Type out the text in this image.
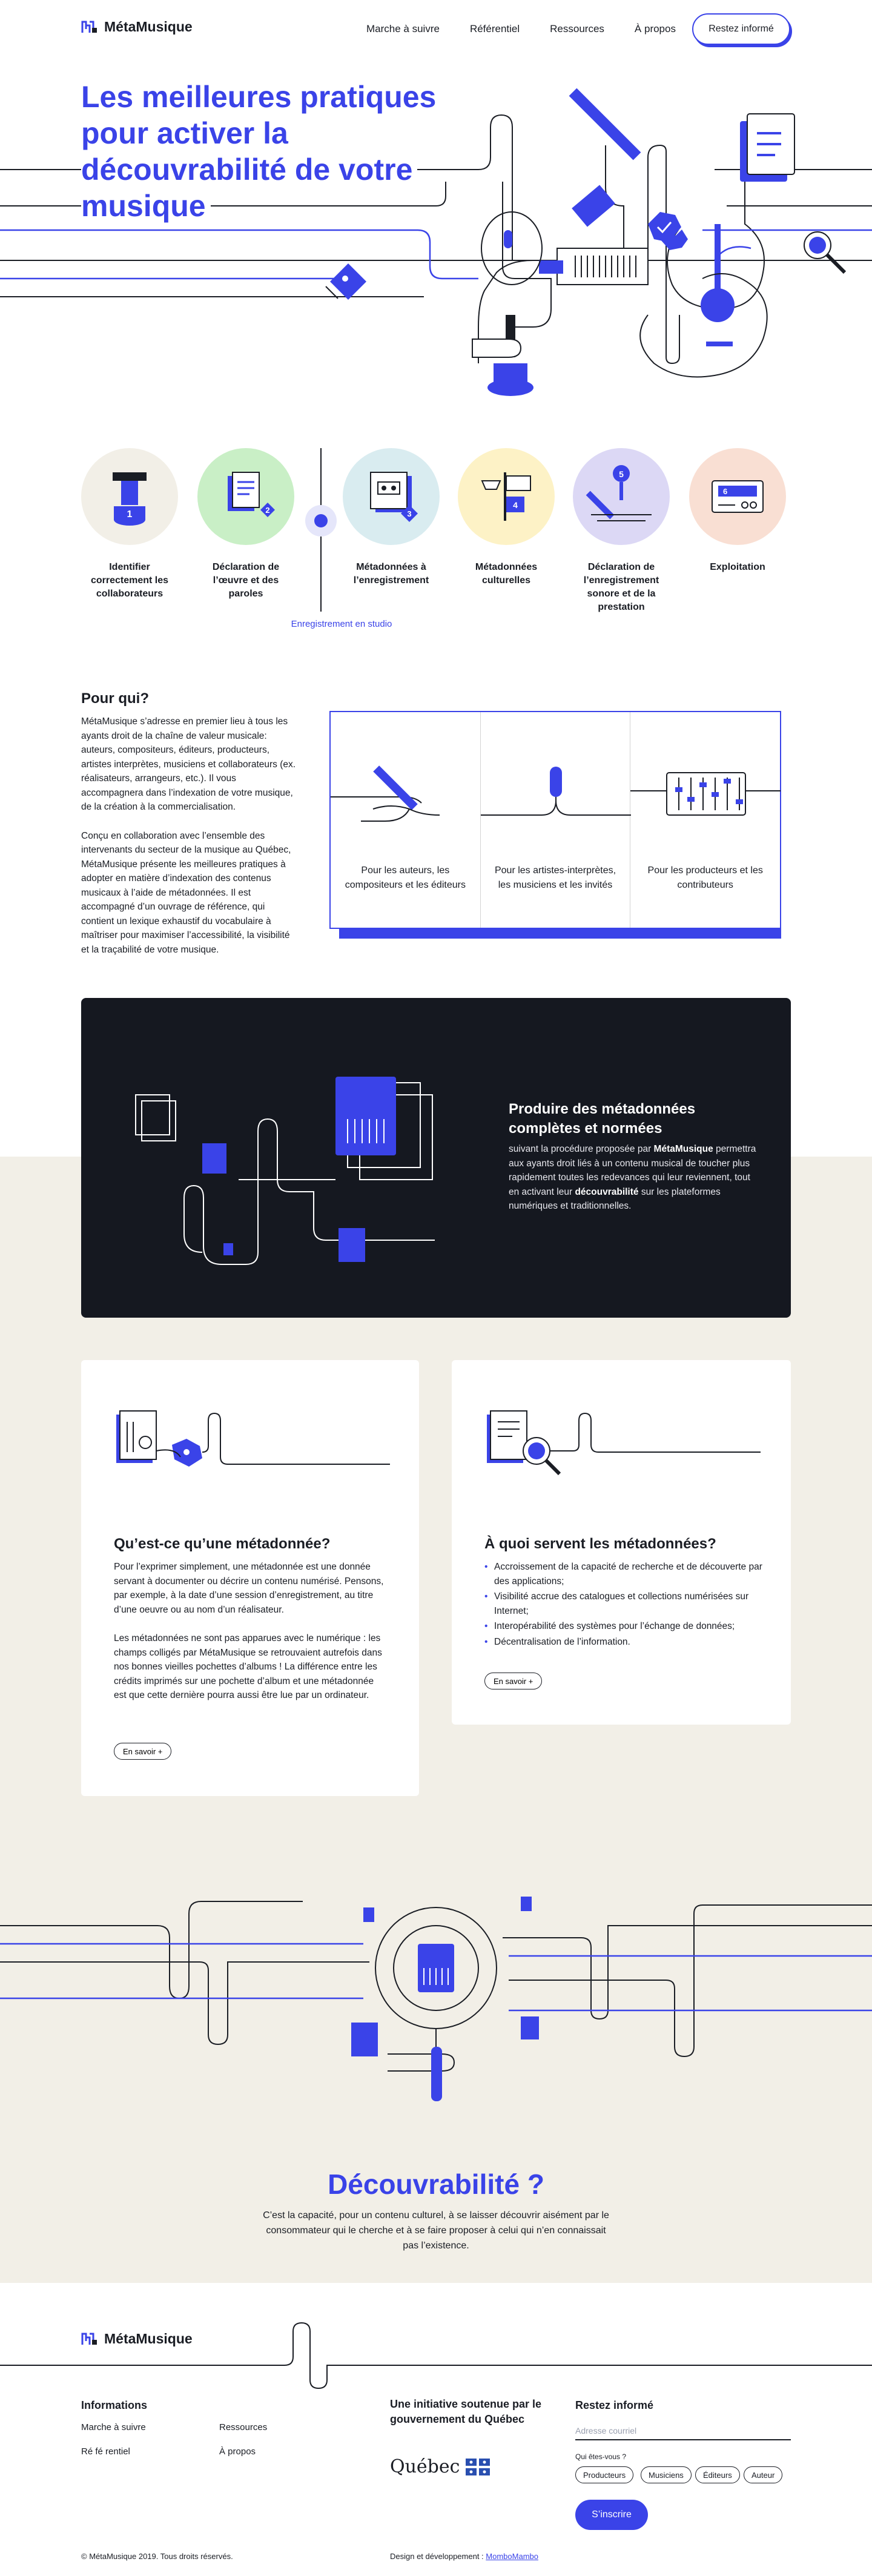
MétaMusique	Marche à suivre	Référentiel	Ressources	À propos	Restez informé
Les meilleures pratiques
pour activer la
découvrabilité de votre
musique
1
Identifier correctement les collaborateurs
2
Déclaration de l’œuvre et des paroles
3
Métadonnées à l’enregistrement
4
Métadonnées culturelles
5
Déclaration de l’enregistrement sonore et de la prestation
6
Exploitation
Enregistrement en studio
Pour qui?

MétaMusique s’adresse en premier lieu à tous les ayants droit de la chaîne de valeur musicale: auteurs, compositeurs, éditeurs, producteurs, artistes interprètes, musiciens et collaborateurs (ex. réalisateurs, arrangeurs, etc.). Il vous accompagnera dans l’indexation de votre musique, de la création à la commercialisation.

Conçu en collaboration avec l’ensemble des intervenants du secteur de la musique au Québec, MétaMusique présente les meilleures pratiques à adopter en matière d’indexation des contenus musicaux à l’aide de métadonnées. Il est accompagné d’un ouvrage de référence, qui contient un lexique exhaustif du vocabulaire à maîtriser pour maximiser l’accessibilité, la visibilité et la traçabilité de votre musique.

Pour les auteurs, les compositeurs et les éditeurs
Pour les artistes-interprètes, les musiciens et les invités
Pour les producteurs et les contributeurs
Produire des métadonnées complètes et normées

suivant la procédure proposée par MétaMusique permettra aux ayants droit liés à un contenu musical de toucher plus rapidement toutes les redevances qui leur reviennent, tout en activant leur découvrabilité sur les plateformes numériques et traditionnelles.

Qu’est-ce qu’une métadonnée?

Pour l’exprimer simplement, une métadonnée est une donnée servant à documenter ou décrire un contenu numérisé. Pensons, par exemple, à la date d’une session d’enregistrement, au titre d’une oeuvre ou au nom d’un réalisateur.

Les métadonnées ne sont pas apparues avec le numérique : les champs colligés par MétaMusique se retrouvaient autrefois dans nos bonnes vieilles pochettes d’albums ! La différence entre les crédits imprimés sur une pochette d’album et une métadonnée est que cette dernière pourra aussi être lue par un ordinateur.

En savoir +
À quoi servent les métadonnées?
• Accroissement de la capacité de recherche et de découverte par des applications;
• Visibilité accrue des catalogues et collections numérisées sur Internet;
• Interopérabilité des systèmes pour l’échange de données;
• Décentralisation de l’information.
En savoir +
Découvrabilité ?

C’est la capacité, pour un contenu culturel, à se laisser découvrir aisément par le consommateur qui le cherche et à se faire proposer à celui qui n’en connaissait pas l’existence.

MétaMusique
Informations
Marche à suivre
Ré fé rentiel
Ressources
À propos
Une initiative soutenue par le gouvernement du Québec
Québec
Restez informé
Adresse courriel
Qui êtes-vous ?
Producteurs	Musiciens	Éditeurs	Auteur
S’inscrire
© MétaMusique 2019. Tous droits réservés.	Design et développement : MomboMambo
